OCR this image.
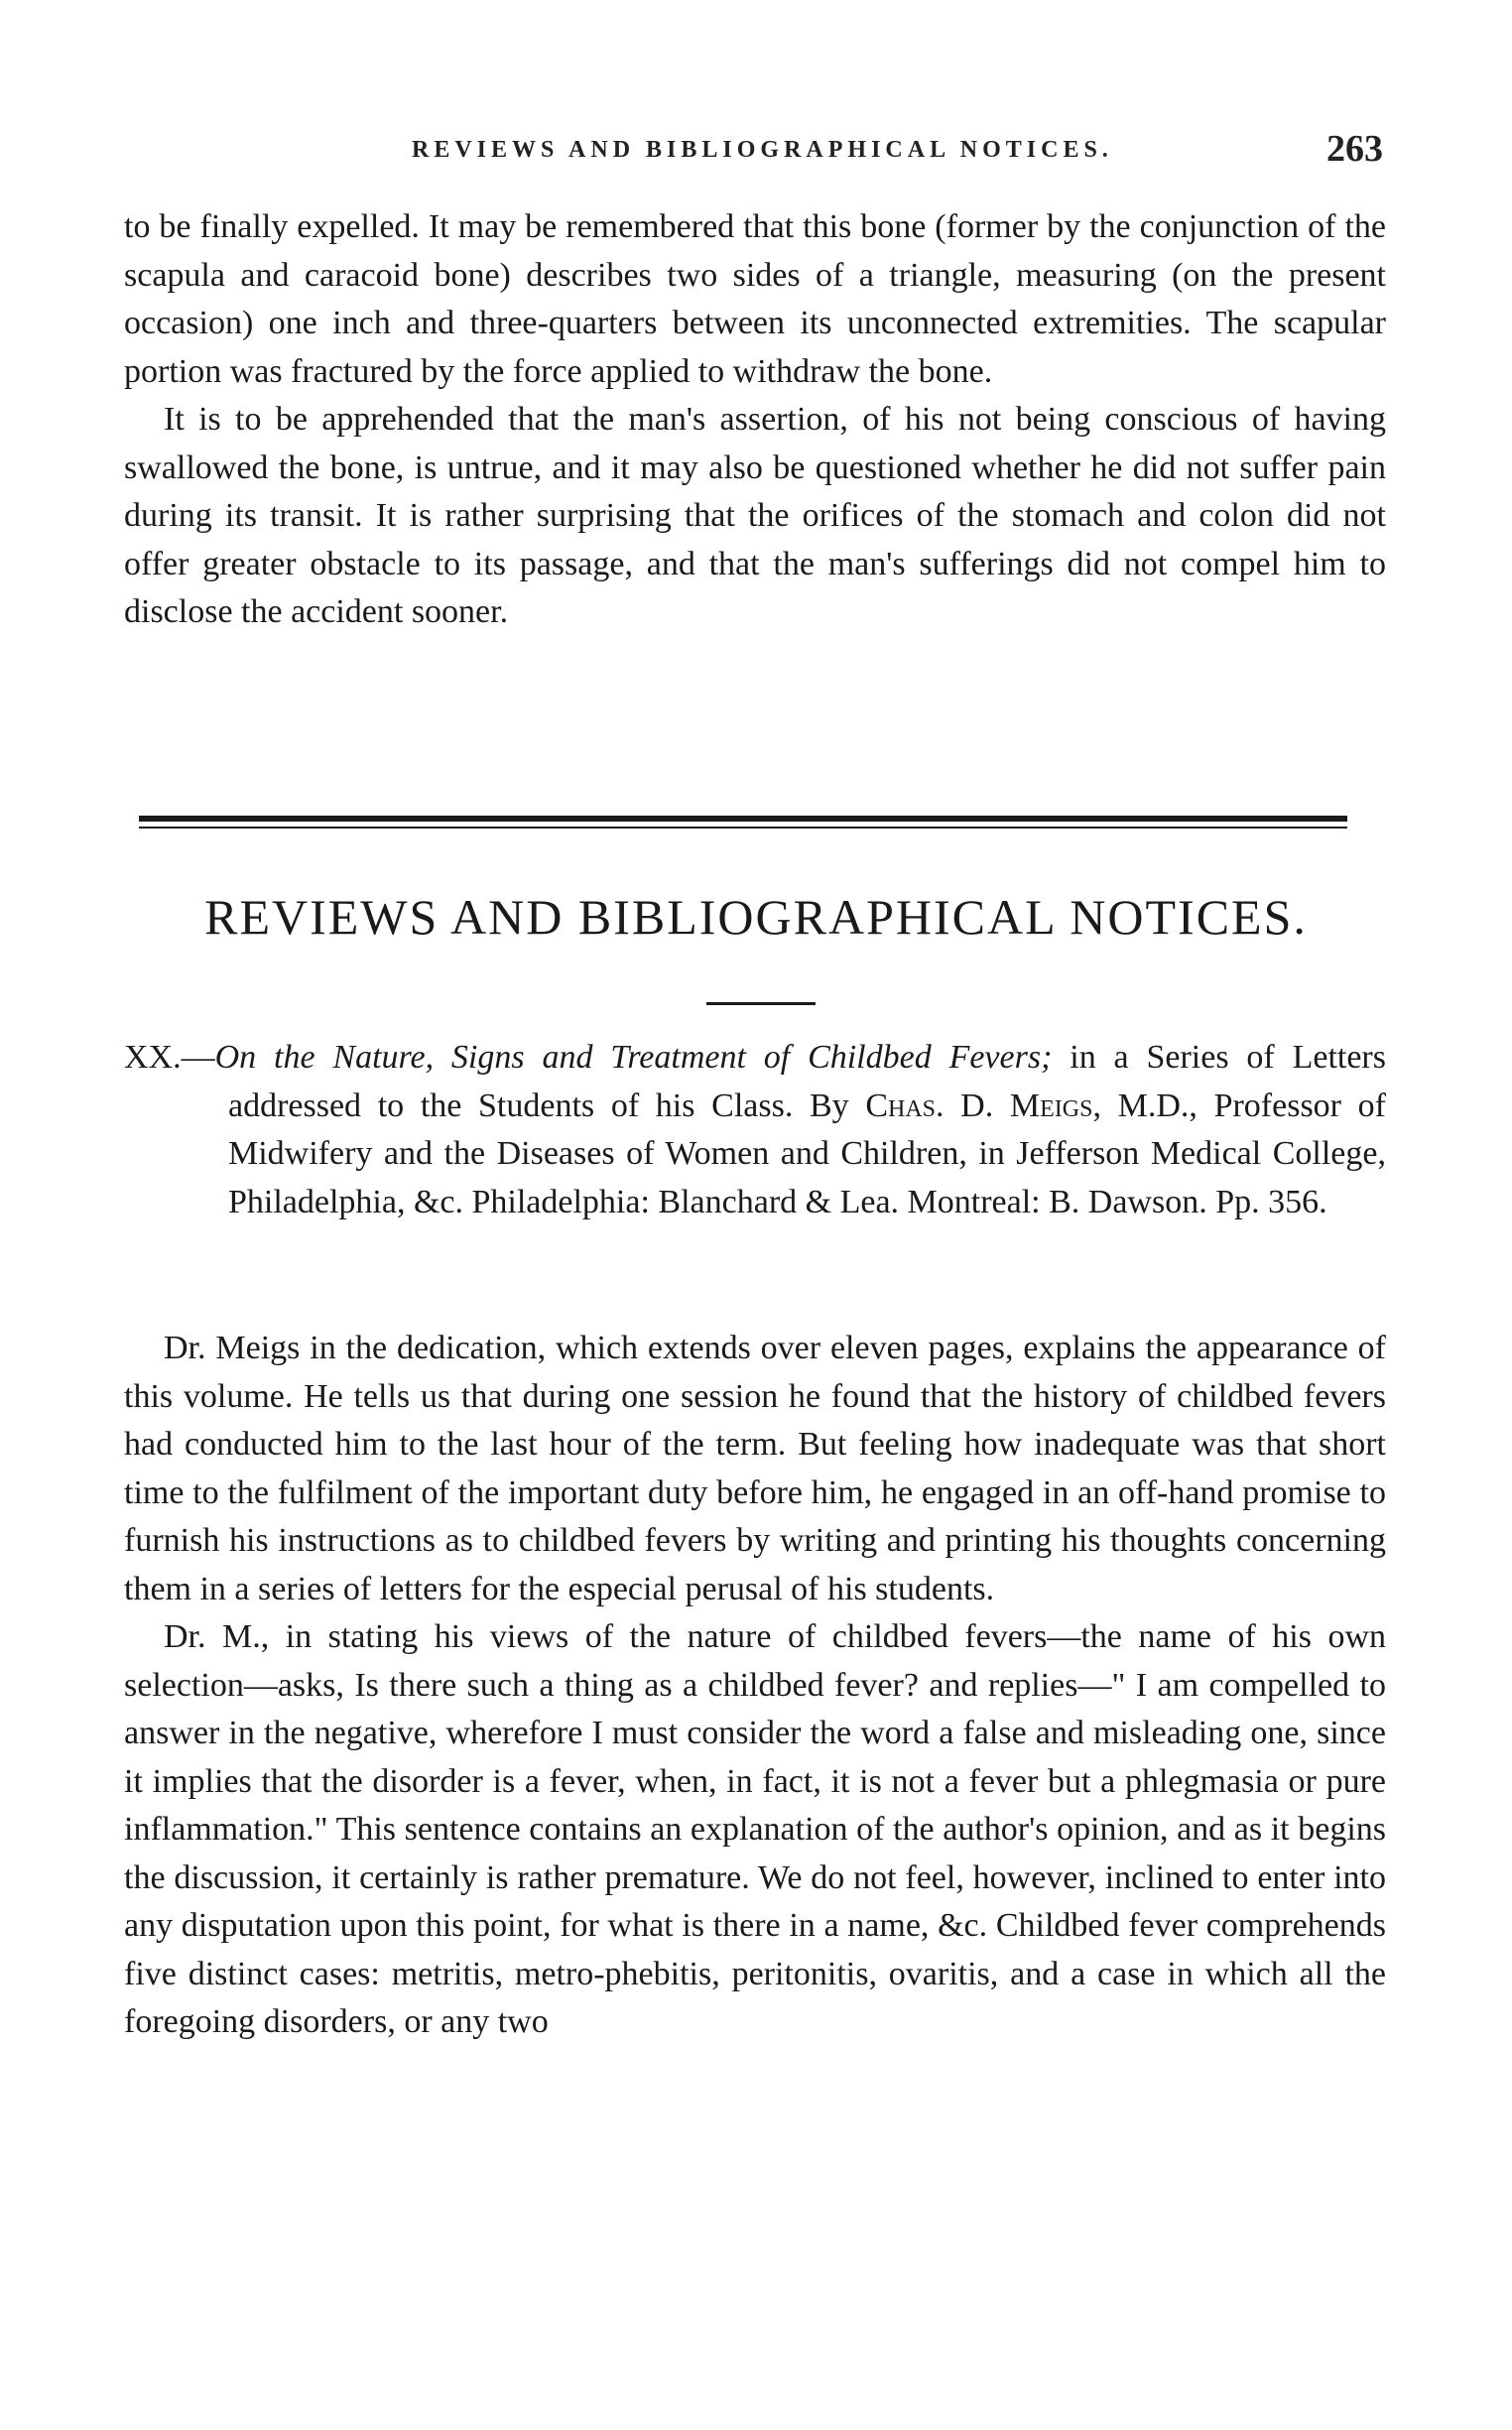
REVIEWS AND BIBLIOGRAPHICAL NOTICES.	263

to be finally expelled. It may be remembered that this bone (former by the conjunction of the scapula and caracoid bone) describes two sides of a triangle, measuring (on the present occasion) one inch and three-quarters between its unconnected extremities. The scapular portion was fractured by the force applied to withdraw the bone.

It is to be apprehended that the man's assertion, of his not being conscious of having swallowed the bone, is untrue, and it may also be questioned whether he did not suffer pain during its transit. It is rather surprising that the orifices of the stomach and colon did not offer greater obstacle to its passage, and that the man's sufferings did not compel him to disclose the accident sooner.

REVIEWS AND BIBLIOGRAPHICAL NOTICES.
XX.—On the Nature, Signs and Treatment of Childbed Fevers; in a Series of Letters addressed to the Students of his Class. By Chas. D. Meigs, M.D., Professor of Midwifery and the Diseases of Women and Children, in Jefferson Medical College, Philadelphia, &c. Philadelphia: Blanchard & Lea. Montreal: B. Dawson. Pp. 356.

Dr. Meigs in the dedication, which extends over eleven pages, explains the appearance of this volume. He tells us that during one session he found that the history of childbed fevers had conducted him to the last hour of the term. But feeling how inadequate was that short time to the fulfilment of the important duty before him, he engaged in an off-hand promise to furnish his instructions as to childbed fevers by writing and printing his thoughts concerning them in a series of letters for the especial perusal of his students.

Dr. M., in stating his views of the nature of childbed fevers—the name of his own selection—asks, Is there such a thing as a childbed fever? and replies—" I am compelled to answer in the negative, wherefore I must consider the word a false and misleading one, since it implies that the disorder is a fever, when, in fact, it is not a fever but a phlegmasia or pure inflammation." This sentence contains an explanation of the author's opinion, and as it begins the discussion, it certainly is rather premature. We do not feel, however, inclined to enter into any disputation upon this point, for what is there in a name, &c. Childbed fever comprehends five distinct cases: metritis, metro-phebitis, peritonitis, ovaritis, and a case in which all the foregoing disorders, or any two
